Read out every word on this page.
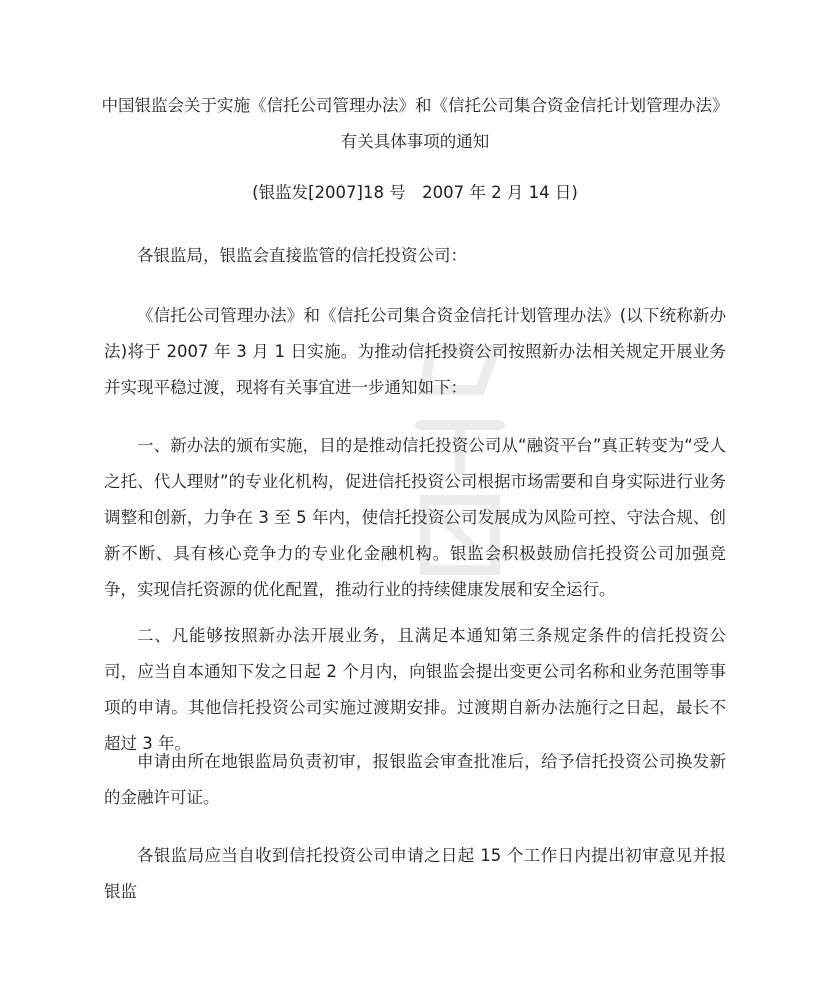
中国银监会关于实施《信托公司管理办法》和《信托公司集合资金信托计划管理办法》有关具体事项的通知

(银监发[2007]18 号　2007 年 2 月 14 日)

各银监局，银监会直接监管的信托投资公司：

《信托公司管理办法》和《信托公司集合资金信托计划管理办法》(以下统称新办法)将于 2007 年 3 月 1 日实施。为推动信托投资公司按照新办法相关规定开展业务并实现平稳过渡，现将有关事宜进一步通知如下：

一、新办法的颁布实施，目的是推动信托投资公司从“融资平台”真正转变为“受人之托、代人理财”的专业化机构，促进信托投资公司根据市场需要和自身实际进行业务调整和创新，力争在 3 至 5 年内，使信托投资公司发展成为风险可控、守法合规、创新不断、具有核心竞争力的专业化金融机构。银监会积极鼓励信托投资公司加强竞争，实现信托资源的优化配置，推动行业的持续健康发展和安全运行。

二、凡能够按照新办法开展业务，且满足本通知第三条规定条件的信托投资公司，应当自本通知下发之日起 2 个月内，向银监会提出变更公司名称和业务范围等事项的申请。其他信托投资公司实施过渡期安排。过渡期自新办法施行之日起，最长不超过 3 年。

申请由所在地银监局负责初审，报银监会审查批准后，给予信托投资公司换发新的金融许可证。

各银监局应当自收到信托投资公司申请之日起 15 个工作日内提出初审意见并报银监
